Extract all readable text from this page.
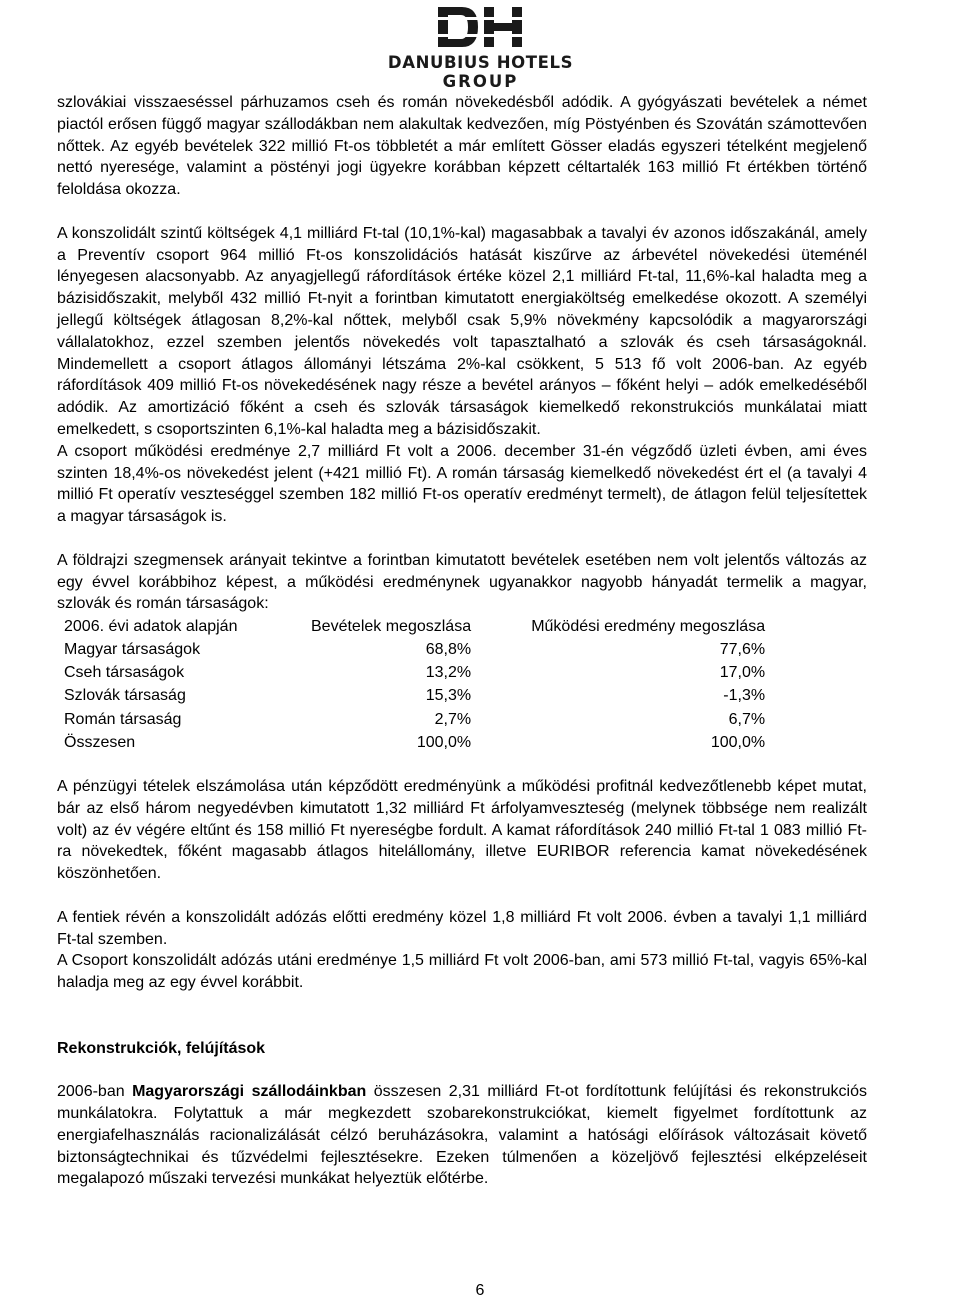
DANUBIUS HOTELS
GROUP

szlovákiai visszaeséssel párhuzamos cseh és román növekedésből adódik. A gyógyászati bevételek a német piactól erősen függő magyar szállodákban nem alakultak kedvezően, míg Pöstyénben és Szovátán számottevően nőttek. Az egyéb bevételek 322 millió Ft-os többletét a már említett Gösser eladás egyszeri tételként megjelenő nettó nyeresége, valamint a pöstényi jogi ügyekre korábban képzett céltartalék 163 millió Ft értékben történő feloldása okozza.

A konszolidált szintű költségek 4,1 milliárd Ft-tal (10,1%-kal) magasabbak a tavalyi év azonos időszakánál, amely a Preventív csoport 964 millió Ft-os konszolidációs hatását kiszűrve az árbevétel növekedési üteménél lényegesen alacsonyabb. Az anyagjellegű ráfordítások értéke közel 2,1 milliárd Ft-tal, 11,6%-kal haladta meg a bázisidőszakit, melyből 432 millió Ft-nyit a forintban kimutatott energiaköltség emelkedése okozott. A személyi jellegű költségek átlagosan 8,2%-kal nőttek, melyből csak 5,9% növekmény kapcsolódik a magyarországi vállalatokhoz, ezzel szemben jelentős növekedés volt tapasztalható a szlovák és cseh társaságoknál. Mindemellett a csoport átlagos állományi létszáma 2%-kal csökkent, 5 513 fő volt 2006-ban. Az egyéb ráfordítások 409 millió Ft-os növekedésének nagy része a bevétel arányos – főként helyi – adók emelkedéséből adódik. Az amortizáció főként a cseh és szlovák társaságok kiemelkedő rekonstrukciós munkálatai miatt emelkedett, s csoportszinten 6,1%-kal haladta meg a bázisidőszakit.

A csoport működési eredménye 2,7 milliárd Ft volt a 2006. december 31-én végződő üzleti évben, ami éves szinten 18,4%-os növekedést jelent (+421 millió Ft). A román társaság kiemelkedő növekedést ért el (a tavalyi 4 millió Ft operatív veszteséggel szemben 182 millió Ft-os operatív eredményt termelt), de átlagon felül teljesítettek a magyar társaságok is.

A földrajzi szegmensek arányait tekintve a forintban kimutatott bevételek esetében nem volt jelentős változás az egy évvel korábbihoz képest, a működési eredménynek ugyanakkor nagyobb hányadát termelik a magyar, szlovák és román társaságok:

2006. évi adatok alapján	Bevételek megoszlása	Működési eredmény megoszlása
Magyar társaságok	68,8%	77,6%
Cseh társaságok	13,2%	17,0%
Szlovák társaság	15,3%	-1,3%
Román társaság	2,7%	6,7%
Összesen	100,0%	100,0%

A pénzügyi tételek elszámolása után képződött eredményünk a működési profitnál kedvezőtlenebb képet mutat, bár az első három negyedévben kimutatott 1,32 milliárd Ft árfolyamveszteség (melynek többsége nem realizált volt) az év végére eltűnt és 158 millió Ft nyereségbe fordult. A kamat ráfordítások 240 millió Ft-tal 1 083 millió Ft-ra növekedtek, főként magasabb átlagos hitelállomány, illetve EURIBOR referencia kamat növekedésének köszönhetően.

A fentiek révén a konszolidált adózás előtti eredmény közel 1,8 milliárd Ft volt 2006. évben a tavalyi 1,1 milliárd Ft-tal szemben.

A Csoport konszolidált adózás utáni eredménye 1,5 milliárd Ft volt 2006-ban, ami 573 millió Ft-tal, vagyis 65%-kal haladja meg az egy évvel korábbit.

Rekonstrukciók, felújítások

2006-ban Magyarországi szállodáinkban összesen 2,31 milliárd Ft-ot fordítottunk felújítási és rekonstrukciós munkálatokra. Folytattuk a már megkezdett szobarekonstrukciókat, kiemelt figyelmet fordítottunk az energiafelhasználás racionalizálását célzó beruházásokra, valamint a hatósági előírások változásait követő biztonságtechnikai és tűzvédelmi fejlesztésekre. Ezeken túlmenően a közeljövő fejlesztési elképzeléseit megalapozó műszaki tervezési munkákat helyeztük előtérbe.

6
